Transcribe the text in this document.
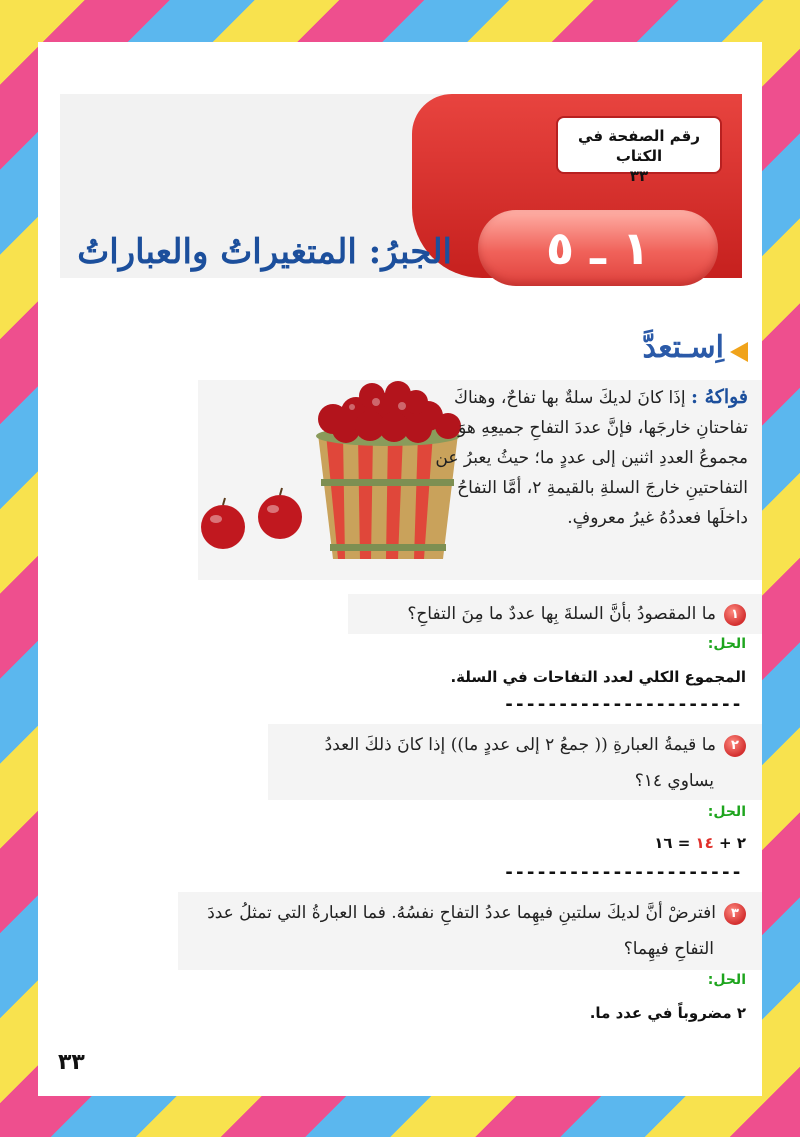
رقم الصفحة في الكتاب
٣٣
١ ـ ٥
الجبرُ: المتغيراتُ والعباراتُ
اِسـتعدَّ
فواكهُ : إذَا كانَ لديكَ سلةٌ بها تفاحٌ، وهناكَ تفاحتانِ خارجَها، فإنَّ عددَ التفاحِ جميعِهِ هوَ مجموعُ العددِ اثنين إلى عددٍ ما؛ حيثُ يعبرُ عن التفاحتينِ خارجَ السلةِ بالقيمةِ ٢، أمَّا التفاحُ داخلَها فعددُهُ غيرُ معروفٍ.
١ما المقصودُ بأنَّ السلةَ بِها عددٌ ما مِنَ التفاحِ؟
الحل:
المجموع الكلي لعدد التفاحات في السلة.
----------------------
٢ما قيمةُ العبارةِ (( جمعُ ٢ إلى عددٍ ما)) إذا كانَ ذلكَ العددُ
يساوي ١٤؟
الحل:
٢ + ١٤ = ١٦
----------------------
٣افترضْ أنَّ لديكَ سلتينِ فيهِما عددُ التفاحِ نفسُهُ. فما العبارةُ التي تمثلُ عددَ
التفاحِ فيهِما؟
الحل:
٢ مضروباً في عدد ما.
٣٣
